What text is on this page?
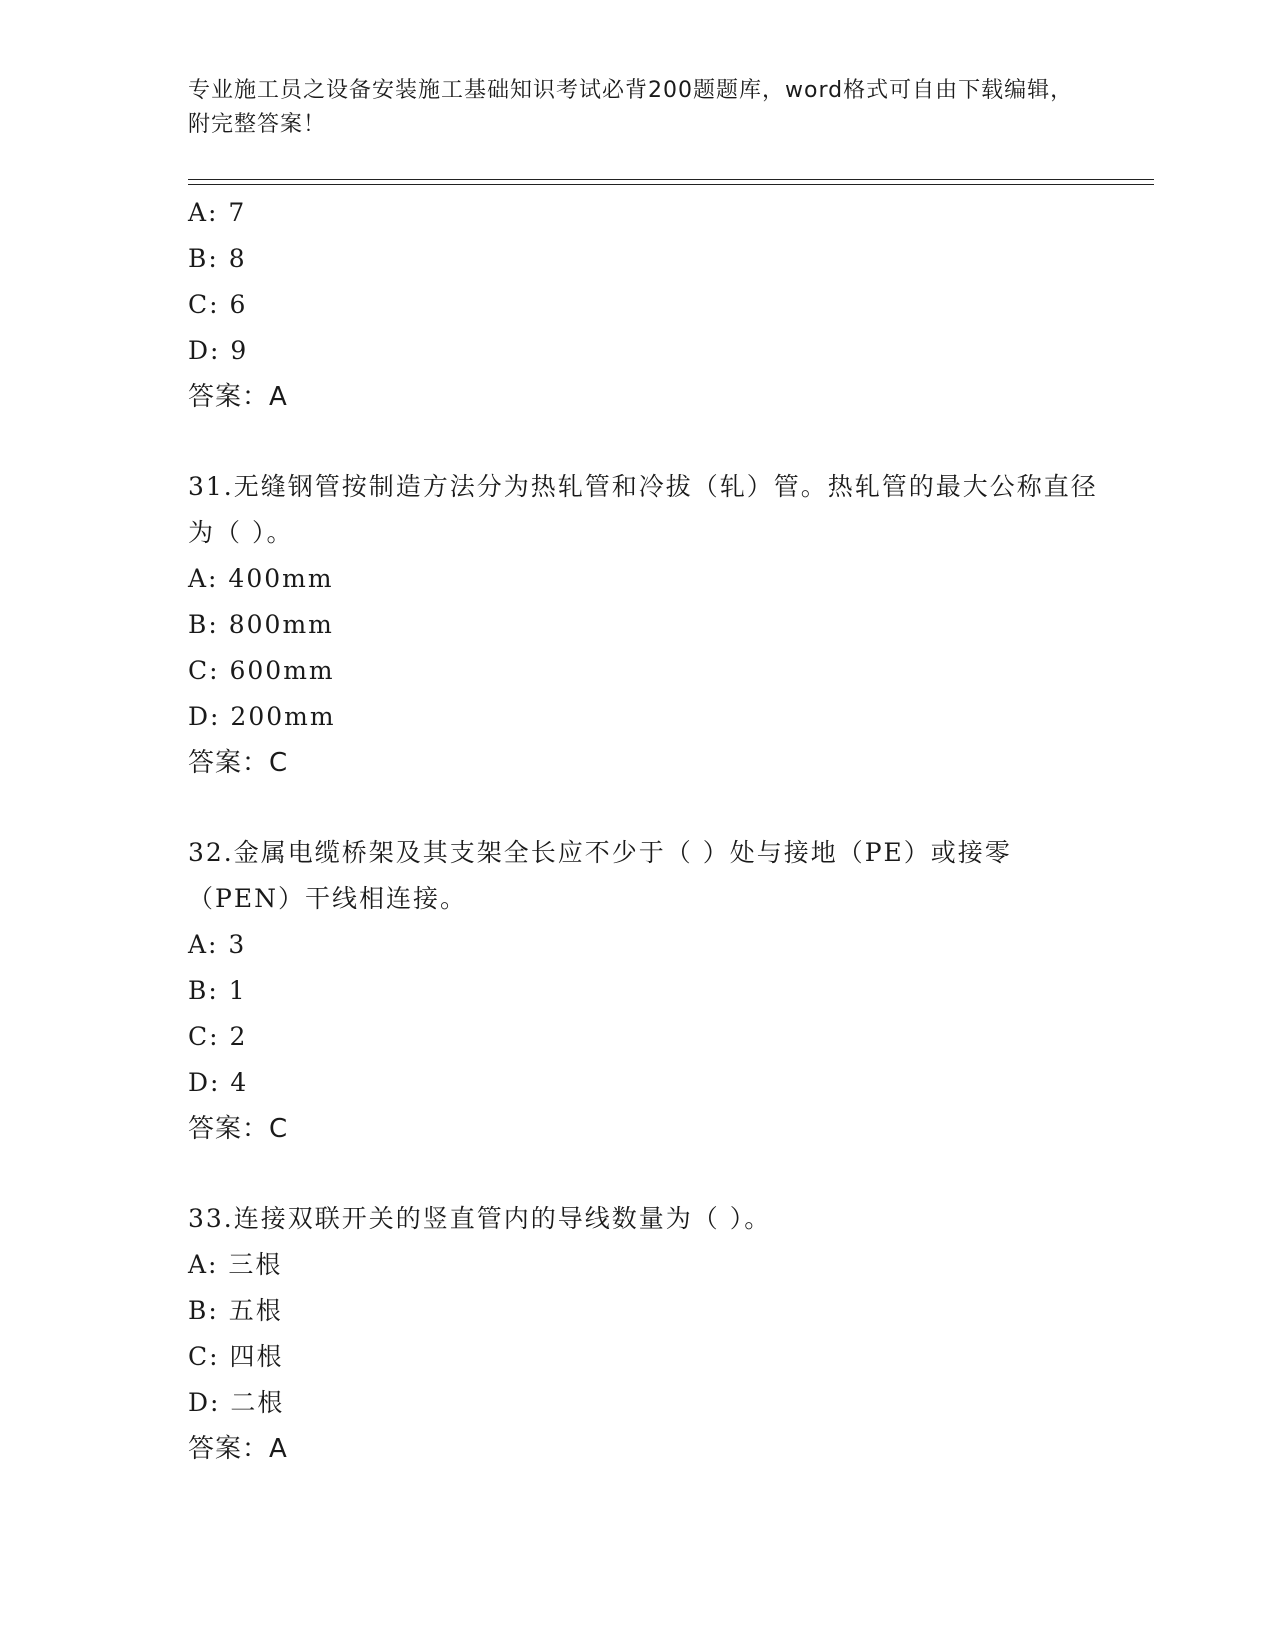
专业施工员之设备安装施工基础知识考试必背200题题库，word格式可自由下载编辑，附完整答案！
A: 7
B: 8
C: 6
D: 9
答案：A
31.无缝钢管按制造方法分为热轧管和冷拔（轧）管。热轧管的最大公称直径为（ ）。
A: 400mm
B: 800mm
C: 600mm
D: 200mm
答案：C
32.金属电缆桥架及其支架全长应不少于（ ）处与接地（PE）或接零（PEN）干线相连接。
A: 3
B: 1
C: 2
D: 4
答案：C
33.连接双联开关的竖直管内的导线数量为（ ）。
A: 三根
B: 五根
C: 四根
D: 二根
答案：A
